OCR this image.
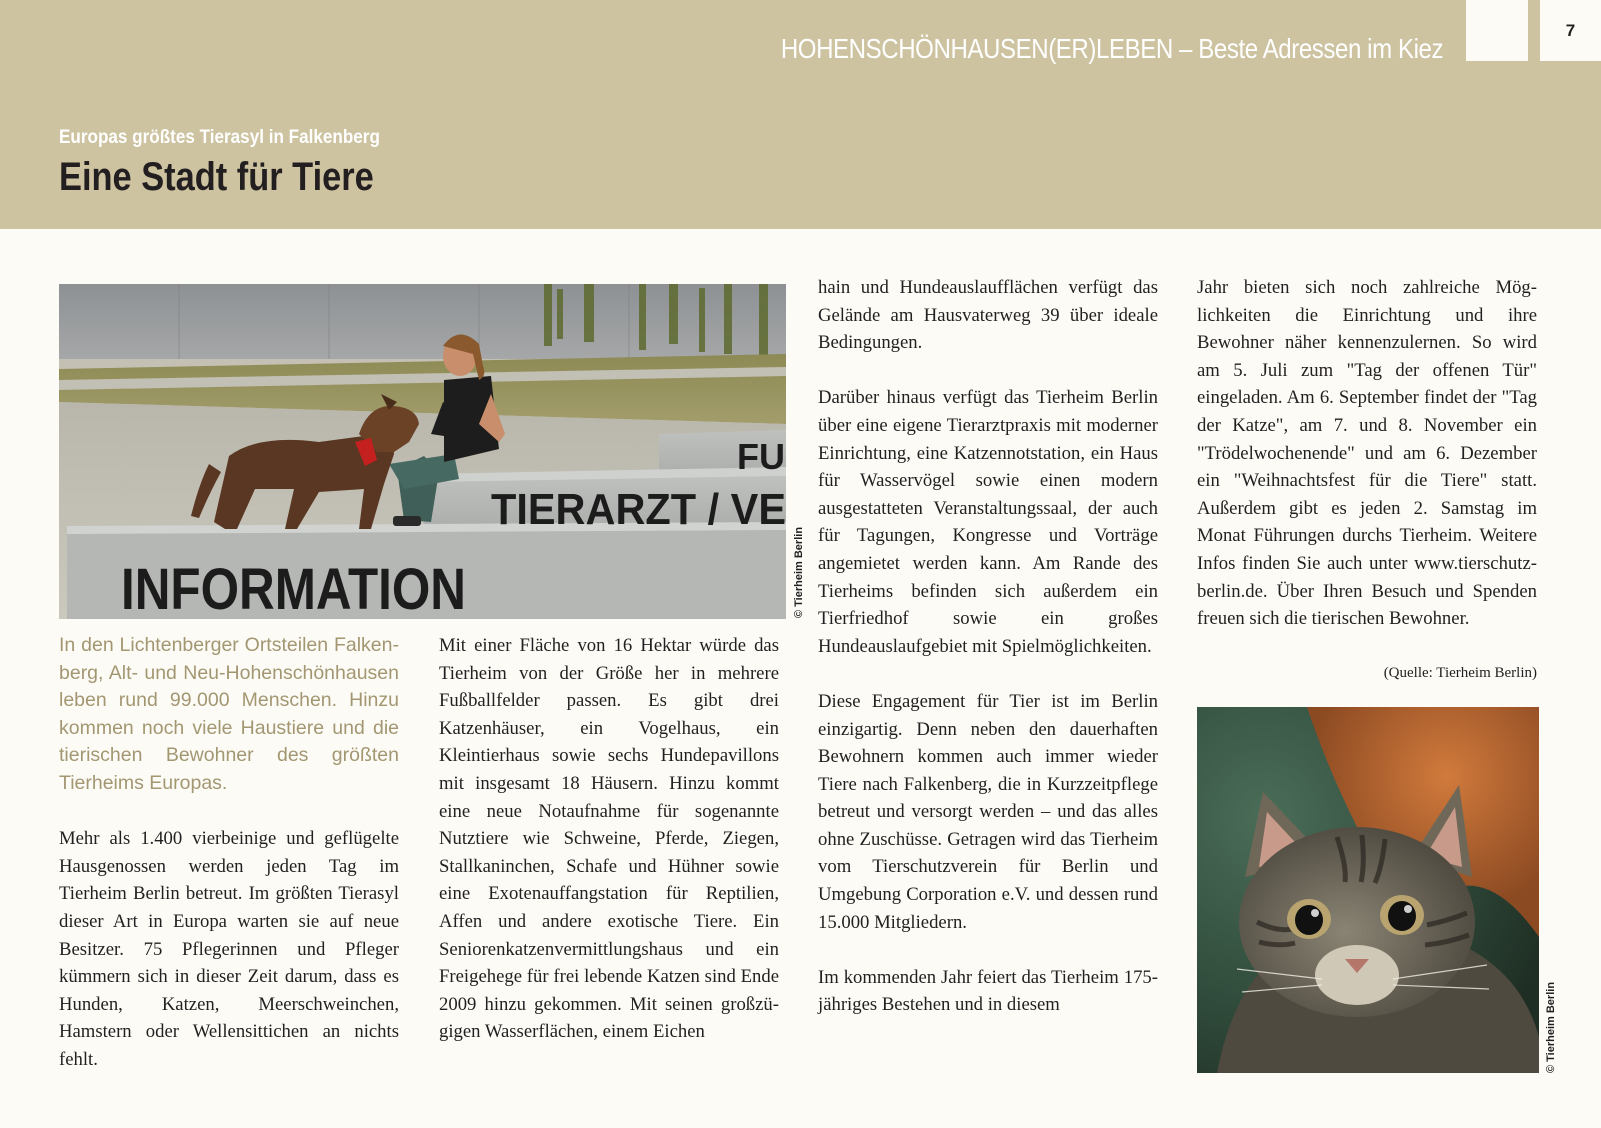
HOHENSCHÖNHAUSEN(ER)LEBEN – Beste Adressen im Kiez
7
Europas größtes Tierasyl in Falkenberg
Eine Stadt für Tiere
FU
TIERARZT / VE
INFORMATION	© Tierheim Berlin
© Tierheim Berlin

In den Lichtenberger Ortsteilen Falkenberg, Alt- und Neu-Hohenschönhausen leben rund 99.000 Menschen. Hinzu kommen noch viele Haustiere und die tierischen Bewohner des größten Tierheims Europas.

Mehr als 1.400 vierbeinige und geflügelte Hausgenossen werden jeden Tag im Tierheim Berlin betreut. Im größten Tierasyl dieser Art in Europa warten sie auf neue Besitzer. 75 Pflegerinnen und Pfleger kümmern sich in dieser Zeit darum, dass es Hunden, Katzen, Meerschweinchen, Hamstern oder Wellensittichen an nichts fehlt.

Mit einer Fläche von 16 Hektar würde das Tierheim von der Größe her in mehrere Fußballfelder passen. Es gibt drei Katzenhäuser, ein Vogelhaus, ein Kleintierhaus sowie sechs Hundepavillons mit insgesamt 18 Häusern. Hinzu kommt eine neue Notaufnahme für sogenannte Nutztiere wie Schweine, Pferde, Ziegen, Stallkaninchen, Schafe und Hühner sowie eine Exotenauffangstation für Reptilien, Affen und andere exotische Tiere. Ein Seniorenkatzenvermittlungshaus und ein Freigehege für frei lebende Katzen sind Ende 2009 hinzu gekommen. Mit seinen großzügigen Wasserflächen, einem Eichen

hain und Hundeauslaufflächen verfügt das Gelände am Hausvaterweg 39 über ideale Bedingungen.

Darüber hinaus verfügt das Tierheim Berlin über eine eigene Tierarztpraxis mit moderner Einrichtung, eine Katzennotstation, ein Haus für Wasservögel sowie einen modern ausgestatteten Veranstaltungssaal, der auch für Tagungen, Kongresse und Vorträge angemietet werden kann. Am Rande des Tierheims befinden sich außerdem ein Tierfriedhof sowie ein großes Hundeauslaufgebiet mit Spielmöglichkeiten.

Diese Engagement für Tier ist im Berlin einzigartig. Denn neben den dauerhaften Bewohnern kommen auch immer wieder Tiere nach Falkenberg, die in Kurzzeitpflege betreut und versorgt werden – und das alles ohne Zuschüsse. Getragen wird das Tierheim vom Tierschutzverein für Berlin und Umgebung Corporation e.V. und dessen rund 15.000 Mitgliedern.

Im kommenden Jahr feiert das Tierheim 175-jähriges Bestehen und in diesem

Jahr bieten sich noch zahlreiche Möglichkeiten die Einrichtung und ihre Bewohner näher kennenzulernen. So wird am 5. Juli zum "Tag der offenen Tür" eingeladen. Am 6. September findet der "Tag der Katze", am 7. und 8. November ein "Trödelwochenende" und am 6. Dezember ein "Weihnachtsfest für die Tiere" statt. Außerdem gibt es jeden 2. Samstag im Monat Führungen durchs Tierheim. Weitere Infos finden Sie auch unter www.tierschutz-berlin.de. Über Ihren Besuch und Spenden freuen sich die tierischen Bewohner.

(Quelle: Tierheim Berlin)
